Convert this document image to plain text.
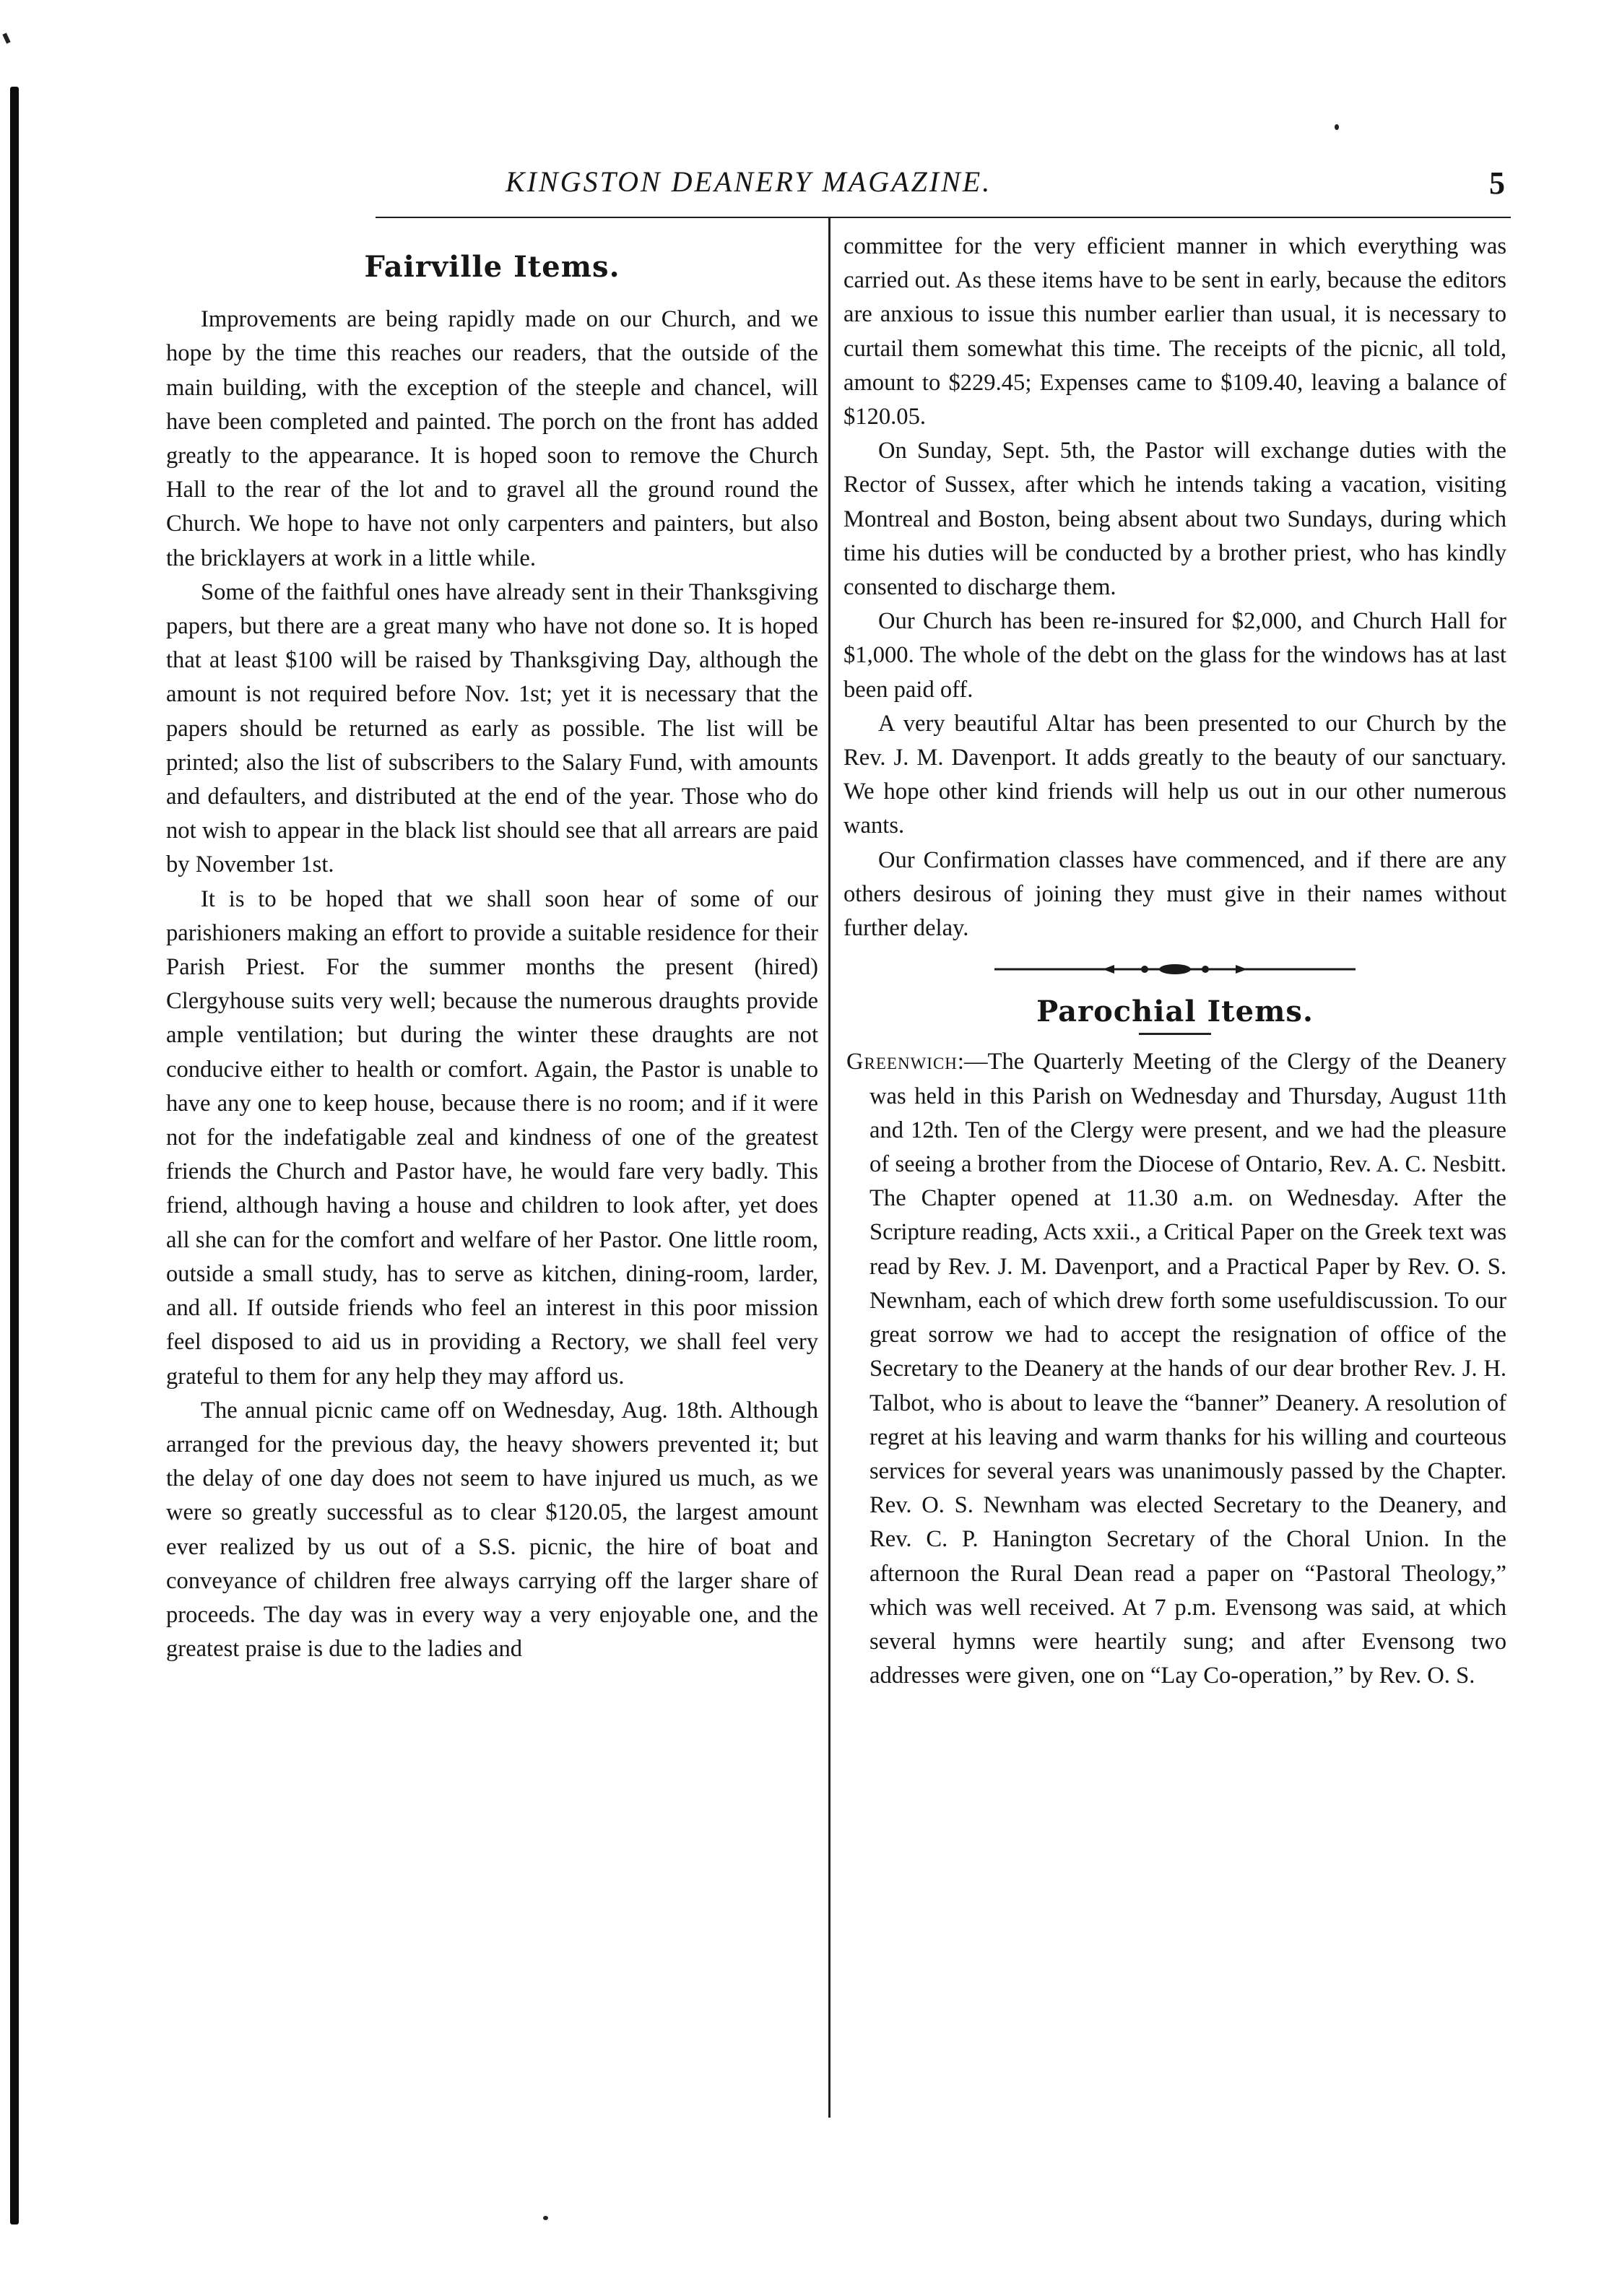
KINGSTON DEANERY MAGAZINE.	5
Fairville Items.

Improvements are being rapidly made on our Church, and we hope by the time this reaches our readers, that the outside of the main building, with the exception of the steeple and chancel, will have been completed and painted. The porch on the front has added greatly to the appearance. It is hoped soon to remove the Church Hall to the rear of the lot and to gravel all the ground round the Church. We hope to have not only carpenters and painters, but also the bricklayers at work in a little while.

Some of the faithful ones have already sent in their Thanksgiving papers, but there are a great many who have not done so. It is hoped that at least $100 will be raised by Thanksgiving Day, although the amount is not required before Nov. 1st; yet it is necessary that the papers should be returned as early as possible. The list will be printed; also the list of subscribers to the Salary Fund, with amounts and defaulters, and distributed at the end of the year. Those who do not wish to appear in the black list should see that all arrears are paid by November 1st.

It is to be hoped that we shall soon hear of some of our parishioners making an effort to provide a suitable residence for their Parish Priest. For the summer months the present (hired) Clergyhouse suits very well; because the numerous draughts provide ample ventilation; but during the winter these draughts are not conducive either to health or comfort. Again, the Pastor is unable to have any one to keep house, because there is no room; and if it were not for the indefatigable zeal and kindness of one of the greatest friends the Church and Pastor have, he would fare very badly. This friend, although having a house and children to look after, yet does all she can for the comfort and welfare of her Pastor. One little room, outside a small study, has to serve as kitchen, dining-room, larder, and all. If outside friends who feel an interest in this poor mission feel disposed to aid us in providing a Rectory, we shall feel very grateful to them for any help they may afford us.

The annual picnic came off on Wednesday, Aug. 18th. Although arranged for the previous day, the heavy showers prevented it; but the delay of one day does not seem to have injured us much, as we were so greatly successful as to clear $120.05, the largest amount ever realized by us out of a S.S. picnic, the hire of boat and conveyance of children free always carrying off the larger share of proceeds. The day was in every way a very enjoyable one, and the greatest praise is due to the ladies and

committee for the very efficient manner in which everything was carried out. As these items have to be sent in early, because the editors are anxious to issue this number earlier than usual, it is necessary to curtail them somewhat this time. The receipts of the picnic, all told, amount to $229.45; Expenses came to $109.40, leaving a balance of $120.05.

On Sunday, Sept. 5th, the Pastor will exchange duties with the Rector of Sussex, after which he intends taking a vacation, visiting Montreal and Boston, being absent about two Sundays, during which time his duties will be conducted by a brother priest, who has kindly consented to discharge them.

Our Church has been re-insured for $2,000, and Church Hall for $1,000. The whole of the debt on the glass for the windows has at last been paid off.

A very beautiful Altar has been presented to our Church by the Rev. J. M. Davenport. It adds greatly to the beauty of our sanctuary. We hope other kind friends will help us out in our other numerous wants.

Our Confirmation classes have commenced, and if there are any others desirous of joining they must give in their names without further delay.

Parochial Items.

Greenwich:—The Quarterly Meeting of the Clergy of the Deanery was held in this Parish on Wednesday and Thursday, August 11th and 12th. Ten of the Clergy were present, and we had the pleasure of seeing a brother from the Diocese of Ontario, Rev. A. C. Nesbitt. The Chapter opened at 11.30 a.m. on Wednesday. After the Scripture reading, Acts xxii., a Critical Paper on the Greek text was read by Rev. J. M. Davenport, and a Practical Paper by Rev. O. S. Newnham, each of which drew forth some usefuldiscussion. To our great sorrow we had to accept the resignation of office of the Secretary to the Deanery at the hands of our dear brother Rev. J. H. Talbot, who is about to leave the “banner” Deanery. A resolution of regret at his leaving and warm thanks for his willing and courteous services for several years was unanimously passed by the Chapter. Rev. O. S. Newnham was elected Secretary to the Deanery, and Rev. C. P. Hanington Secretary of the Choral Union. In the afternoon the Rural Dean read a paper on “Pastoral Theology,” which was well received. At 7 p.m. Evensong was said, at which several hymns were heartily sung; and after Evensong two addresses were given, one on “Lay Co-operation,” by Rev. O. S.
